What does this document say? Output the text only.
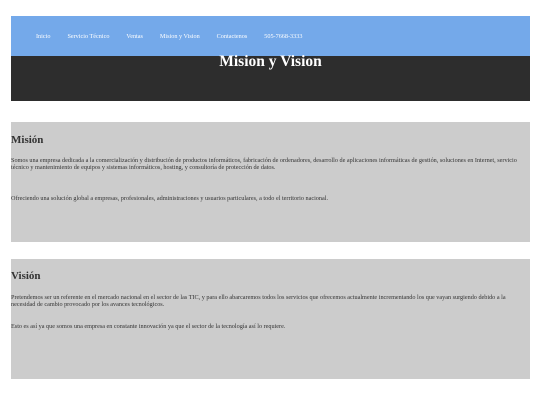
Inicio	Servicio Técnico	Ventas	Mision y Vision	Contactenos	505-7668-3333
Mision y Vision
Misión

Somos una empresa dedicada a la comercialización y distribución de productos informáticos, fabricación de ordenadores, desarrollo de aplicaciones informáticas de gestión, soluciones en Internet, servicio técnico y mantenimiento de equipos y sistemas informáticos, hosting, y consultoría de protección de datos.

Ofreciendo una solución global a empresas, profesionales, administraciones y usuarios particulares, a todo el territorio nacional.

Visión

Pretendemos ser un referente en el mercado nacional en el sector de las TIC, y para ello abarcaremos todos los servicios que ofrecemos actualmente incrementando los que vayan surgiendo debido a la necesidad de cambio provocado por los avances tecnológicos.

Esto es así ya que somos una empresa en constante innovación ya que el sector de la tecnología así lo requiere.
